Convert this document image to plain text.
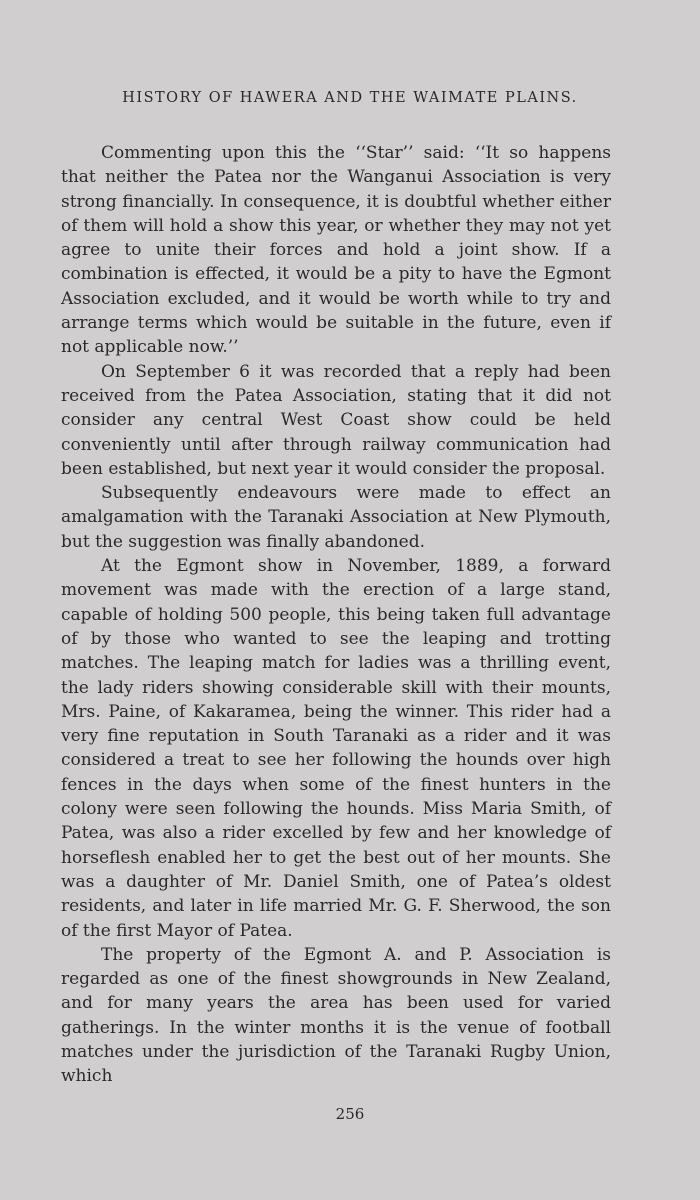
HISTORY OF HAWERA AND THE WAIMATE PLAINS.

Commenting upon this the ‘‘Star’’ said: ‘‘It so happens that neither the Patea nor the Wanganui Association is very strong financially. In consequence, it is doubtful whether either of them will hold a show this year, or whether they may not yet agree to unite their forces and hold a joint show. If a combination is effected, it would be a pity to have the Egmont Association excluded, and it would be worth while to try and arrange terms which would be suitable in the future, even if not applicable now.’’

On September 6 it was recorded that a reply had been received from the Patea Association, stating that it did not consider any central West Coast show could be held conveniently until after through railway communication had been established, but next year it would consider the proposal.

Subsequently endeavours were made to effect an amalgamation with the Taranaki Association at New Plymouth, but the suggestion was finally abandoned.

At the Egmont show in November, 1889, a forward movement was made with the erection of a large stand, capable of holding 500 people, this being taken full advantage of by those who wanted to see the leaping and trotting matches. The leaping match for ladies was a thrilling event, the lady riders showing considerable skill with their mounts, Mrs. Paine, of Kakaramea, being the winner. This rider had a very fine reputation in South Taranaki as a rider and it was considered a treat to see her following the hounds over high fences in the days when some of the finest hunters in the colony were seen following the hounds. Miss Maria Smith, of Patea, was also a rider excelled by few and her knowledge of horseflesh enabled her to get the best out of her mounts. She was a daughter of Mr. Daniel Smith, one of Patea’s oldest residents, and later in life married Mr. G. F. Sherwood, the son of the first Mayor of Patea.

The property of the Egmont A. and P. Association is regarded as one of the finest showgrounds in New Zealand, and for many years the area has been used for varied gatherings. In the winter months it is the venue of football matches under the jurisdiction of the Taranaki Rugby Union, which

256
